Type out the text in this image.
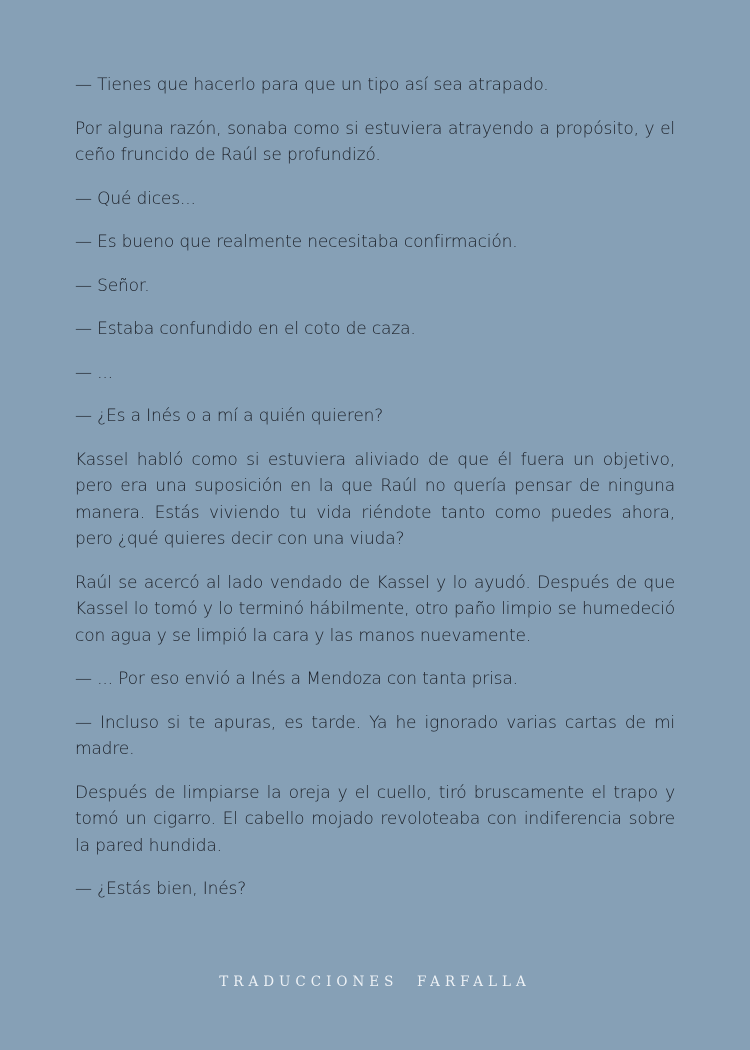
— Tienes que hacerlo para que un tipo así sea atrapado.

Por alguna razón, sonaba como si estuviera atrayendo a propósito, y el ceño fruncido de Raúl se profundizó.

— Qué dices...

— Es bueno que realmente necesitaba confirmación.

— Señor.

— Estaba confundido en el coto de caza.

— ...

— ¿Es a Inés o a mí a quién quieren?

Kassel habló como si estuviera aliviado de que él fuera un objetivo, pero era una suposición en la que Raúl no quería pensar de ninguna manera. Estás viviendo tu vida riéndote tanto como puedes ahora, pero ¿qué quieres decir con una viuda?

Raúl se acercó al lado vendado de Kassel y lo ayudó. Después de que Kassel lo tomó y lo terminó hábilmente, otro paño limpio se humedeció con agua y se limpió la cara y las manos nuevamente.

— ... Por eso envió a Inés a Mendoza con tanta prisa.

— Incluso si te apuras, es tarde. Ya he ignorado varias cartas de mi madre.

Después de limpiarse la oreja y el cuello, tiró bruscamente el trapo y tomó un cigarro. El cabello mojado revoloteaba con indiferencia sobre la pared hundida.

— ¿Estás bien, Inés?

TRADUCCIONES  FARFALLA
